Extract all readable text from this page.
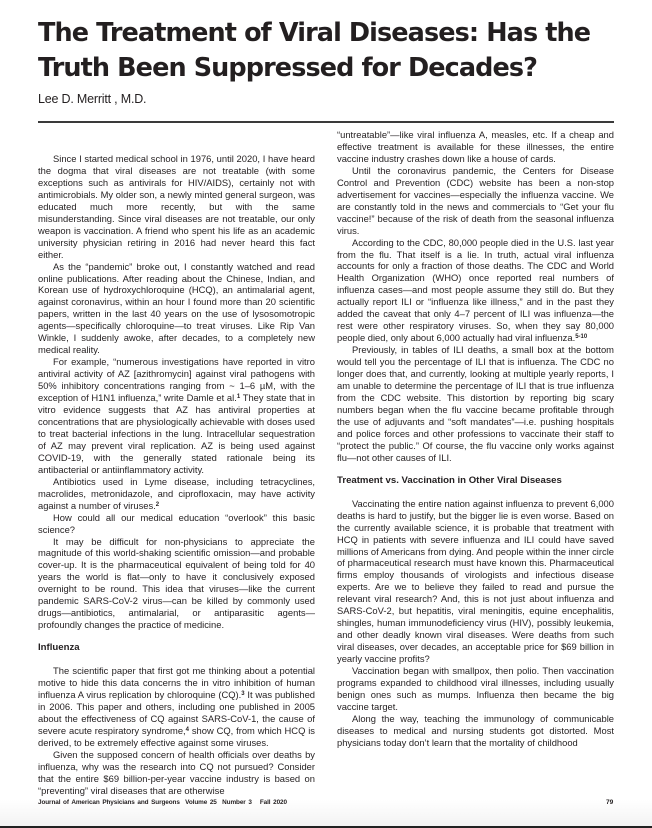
The Treatment of Viral Diseases: Has the Truth Been Suppressed for Decades?
Lee D. Merritt , M.D.

Since I started medical school in 1976, until 2020, I have heard the dogma that viral diseases are not treatable (with some exceptions such as antivirals for HIV/AIDS), certainly not with antimicrobials. My older son, a newly minted general surgeon, was educated much more recently, but with the same misunderstanding. Since viral diseases are not treatable, our only weapon is vaccination. A friend who spent his life as an academic university physician retiring in 2016 had never heard this fact either.

As the “pandemic” broke out, I constantly watched and read online publications. After reading about the Chinese, Indian, and Korean use of hydroxychloroquine (HCQ), an antimalarial agent, against coronavirus, within an hour I found more than 20 scientific papers, written in the last 40 years on the use of lysosomotropic agents—specifically chloroquine—to treat viruses. Like Rip Van Winkle, I suddenly awoke, after decades, to a completely new medical reality.

For example, “numerous investigations have reported in vitro antiviral activity of AZ [azithromycin] against viral pathogens with 50% inhibitory concentrations ranging from ~ 1–6 µM, with the exception of H1N1 influenza,” write Damle et al.$^1$ They state that in vitro evidence suggests that AZ has antiviral properties at concentrations that are physiologically achievable with doses used to treat bacterial infections in the lung. Intracellular sequestration of AZ may prevent viral replication. AZ is being used against COVID-19, with the generally stated rationale being its antibacterial or antiinflammatory activity.

Antibiotics used in Lyme disease, including tetracyclines, macrolides, metronidazole, and ciprofloxacin, may have activity against a number of viruses.$^2$

How could all our medical education “overlook” this basic science?

It may be difficult for non-physicians to appreciate the magnitude of this world-shaking scientific omission—and probable cover-up. It is the pharmaceutical equivalent of being told for 40 years the world is flat—only to have it conclusively exposed overnight to be round. This idea that viruses—like the current pandemic SARS-CoV-2 virus—can be killed by commonly used drugs—antibiotics, antimalarial, or antiparasitic agents—profoundly changes the practice of medicine.

Influenza

The scientific paper that first got me thinking about a potential motive to hide this data concerns the in vitro inhibition of human influenza A virus replication by chloroquine (CQ).$^3$ It was published in 2006. This paper and others, including one published in 2005 about the effectiveness of CQ against SARS-CoV-1, the cause of severe acute respiratory syndrome,$^4$ show CQ, from which HCQ is derived, to be extremely effective against some viruses.

Given the supposed concern of health officials over deaths by influenza, why was the research into CQ not pursued? Consider that the entire $69 billion-per-year vaccine industry is based on “preventing” viral diseases that are otherwise

“untreatable”—like viral influenza A, measles, etc. If a cheap and effective treatment is available for these illnesses, the entire vaccine industry crashes down like a house of cards.

Until the coronavirus pandemic, the Centers for Disease Control and Prevention (CDC) website has been a non-stop advertisement for vaccines—especially the influenza vaccine. We are constantly told in the news and commercials to “Get your flu vaccine!” because of the risk of death from the seasonal influenza virus.

According to the CDC, 80,000 people died in the U.S. last year from the flu. That itself is a lie. In truth, actual viral influenza accounts for only a fraction of those deaths. The CDC and World Health Organization (WHO) once reported real numbers of influenza cases—and most people assume they still do. But they actually report ILI or “influenza like illness,” and in the past they added the caveat that only 4–7 percent of ILI was influenza—the rest were other respiratory viruses. So, when they say 80,000 people died, only about 6,000 actually had viral influenza.$^{5-10}$

Previously, in tables of ILI deaths, a small box at the bottom would tell you the percentage of ILI that is influenza. The CDC no longer does that, and currently, looking at multiple yearly reports, I am unable to determine the percentage of ILI that is true influenza from the CDC website. This distortion by reporting big scary numbers began when the flu vaccine became profitable through the use of adjuvants and “soft mandates”—i.e. pushing hospitals and police forces and other professions to vaccinate their staff to “protect the public.” Of course, the flu vaccine only works against flu—not other causes of ILI.

Treatment vs. Vaccination in Other Viral Diseases

Vaccinating the entire nation against influenza to prevent 6,000 deaths is hard to justify, but the bigger lie is even worse. Based on the currently available science, it is probable that treatment with HCQ in patients with severe influenza and ILI could have saved millions of Americans from dying. And people within the inner circle of pharmaceutical research must have known this. Pharmaceutical firms employ thousands of virologists and infectious disease experts. Are we to believe they failed to read and pursue the relevant viral research? And, this is not just about influenza and SARS-CoV-2, but hepatitis, viral meningitis, equine encephalitis, shingles, human immunodeficiency virus (HIV), possibly leukemia, and other deadly known viral diseases. Were deaths from such viral diseases, over decades, an acceptable price for $69 billion in yearly vaccine profits?

Vaccination began with smallpox, then polio. Then vaccination programs expanded to childhood viral illnesses, including usually benign ones such as mumps. Influenza then became the big vaccine target.

Along the way, teaching the immunology of communicable diseases to medical and nursing students got distorted. Most physicians today don’t learn that the mortality of childhood

Journal of American Physicians and Surgeons Volume 25 Number 3 Fall 2020	79
